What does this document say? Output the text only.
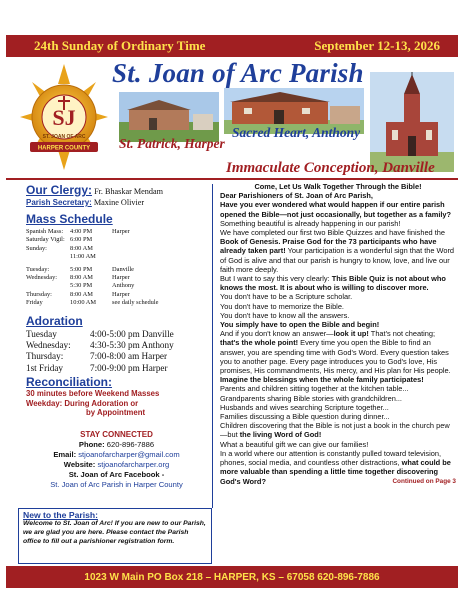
24th Sunday of Ordinary Time	September 12-13, 2026
SJ
HARPER COUNTY
ST. JOAN OF ARC
St. Joan of Arc Parish
St. Patrick, Harper
Sacred Heart, Anthony
Immaculate Conception, Danville
Our Clergy: Fr. Bhaskar Mendam
Parish Secretary: Maxine Olivier
Mass Schedule
Spanish Mass:	4:00 PM	Harper
Saturday Vigil: 6:00 PM
Sunday:	8:00 AM
11:00 AM
Tuesday:	5:00 PM	Danville
Wednesday:	8:00 AM	Harper
5:30 PM	Anthony
Thursday:	8:00 AM	Harper
Friday	10:00 AM	see daily schedule
Adoration
Tuesday	4:00-5:00 pm Danville
Wednesday:	4:30-5:30 pm Anthony
Thursday:	7:00-8:00 am Harper
1st Friday	7:00-9:00 pm Harper
Reconciliation:
30 minutes before Weekend Masses
Weekday: During Adoration or
by Appointment
STAY CONNECTED
Phone: 620-896-7886
Email: stjoanofarcharper@gmail.com
Website: stjoanofarcharper.org
St. Joan of Arc Facebook -
St. Joan of Arc Parish in Harper County
New to the Parish:
Welcome to St. Joan of Arc! If you are new to our Parish, we are glad you are here. Please contact the Parish office to fill out a parishioner registration form.

Come, Let Us Walk Together Through the Bible!

Dear Parishioners of St. Joan of Arc Parish,

Have you ever wondered what would happen if our entire parish opened the Bible—not just occasionally, but together as a family?

Something beautiful is already happening in our parish!

We have completed our first two Bible Quizzes and have finished the Book of Genesis. Praise God for the 73 participants who have already taken part! Your participation is a wonderful sign that the Word of God is alive and that our parish is hungry to know, love, and live our faith more deeply.

But I want to say this very clearly: This Bible Quiz is not about who knows the most. It is about who is willing to discover more.

You don't have to be a Scripture scholar.

You don't have to memorize the Bible.

You don't have to know all the answers.

You simply have to open the Bible and begin!

And if you don't know an answer—look it up! That's not cheating; that's the whole point! Every time you open the Bible to find an answer, you are spending time with God's Word. Every question takes you to another page. Every page introduces you to God's love, His promises, His commandments, His mercy, and His plan for His people.

Imagine the blessings when the whole family participates!

Parents and children sitting together at the kitchen table...

Grandparents sharing Bible stories with grandchildren...

Husbands and wives searching Scripture together...

Families discussing a Bible question during dinner...

Children discovering that the Bible is not just a book in the church pew—but the living Word of God!

What a beautiful gift we can give our families!

In a world where our attention is constantly pulled toward television, phones, social media, and countless other distractions, what could be more valuable than spending a little time together discovering God's Word?	Continued on Page 3

1023 W Main PO Box 218 – HARPER, KS – 67058 620-896-7886
